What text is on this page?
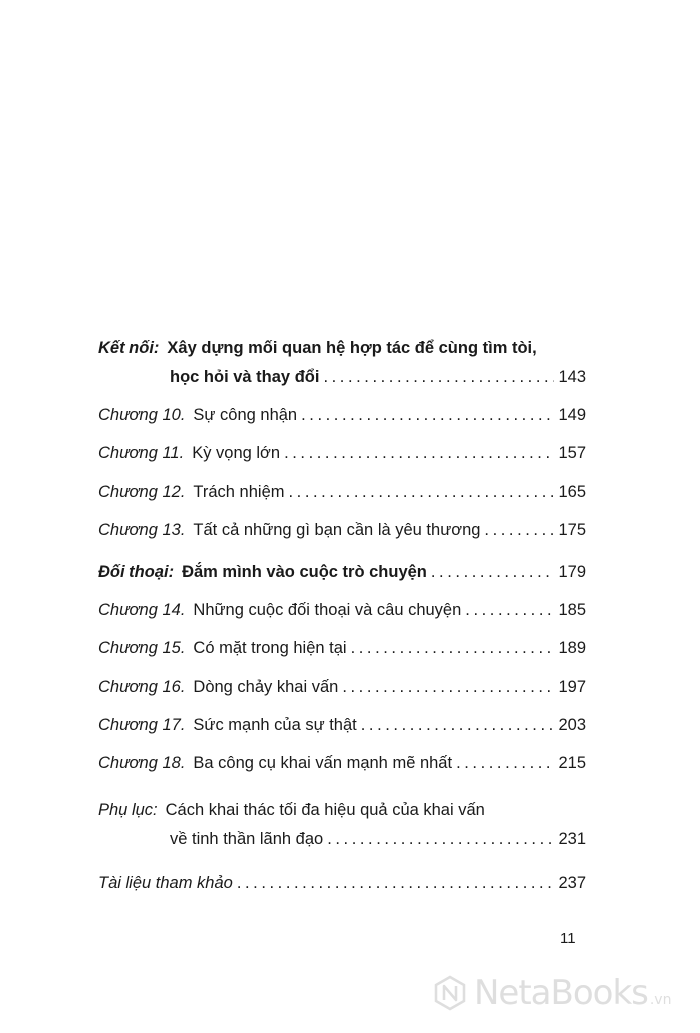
Kết nối: Xây dựng mối quan hệ hợp tác để cùng tìm tòi,
học hỏi và thay đổi . . .	143
Chương 10. Sự công nhận . . .	149
Chương 11. Kỳ vọng lớn . . .	157
Chương 12. Trách nhiệm . . .	165
Chương 13. Tất cả những gì bạn cần là yêu thương . . .	175
Đối thoại: Đắm mình vào cuộc trò chuyện . . .	179
Chương 14. Những cuộc đối thoại và câu chuyện . . .	185
Chương 15. Có mặt trong hiện tại . . .	189
Chương 16. Dòng chảy khai vấn . . .	197
Chương 17. Sức mạnh của sự thật . . .	203
Chương 18. Ba công cụ khai vấn mạnh mẽ nhất . . .	215
Phụ lục: Cách khai thác tối đa hiệu quả của khai vấn
về tinh thần lãnh đạo . . .	231
Tài liệu tham khảo . . .	237
11
NetaBooks .vn
